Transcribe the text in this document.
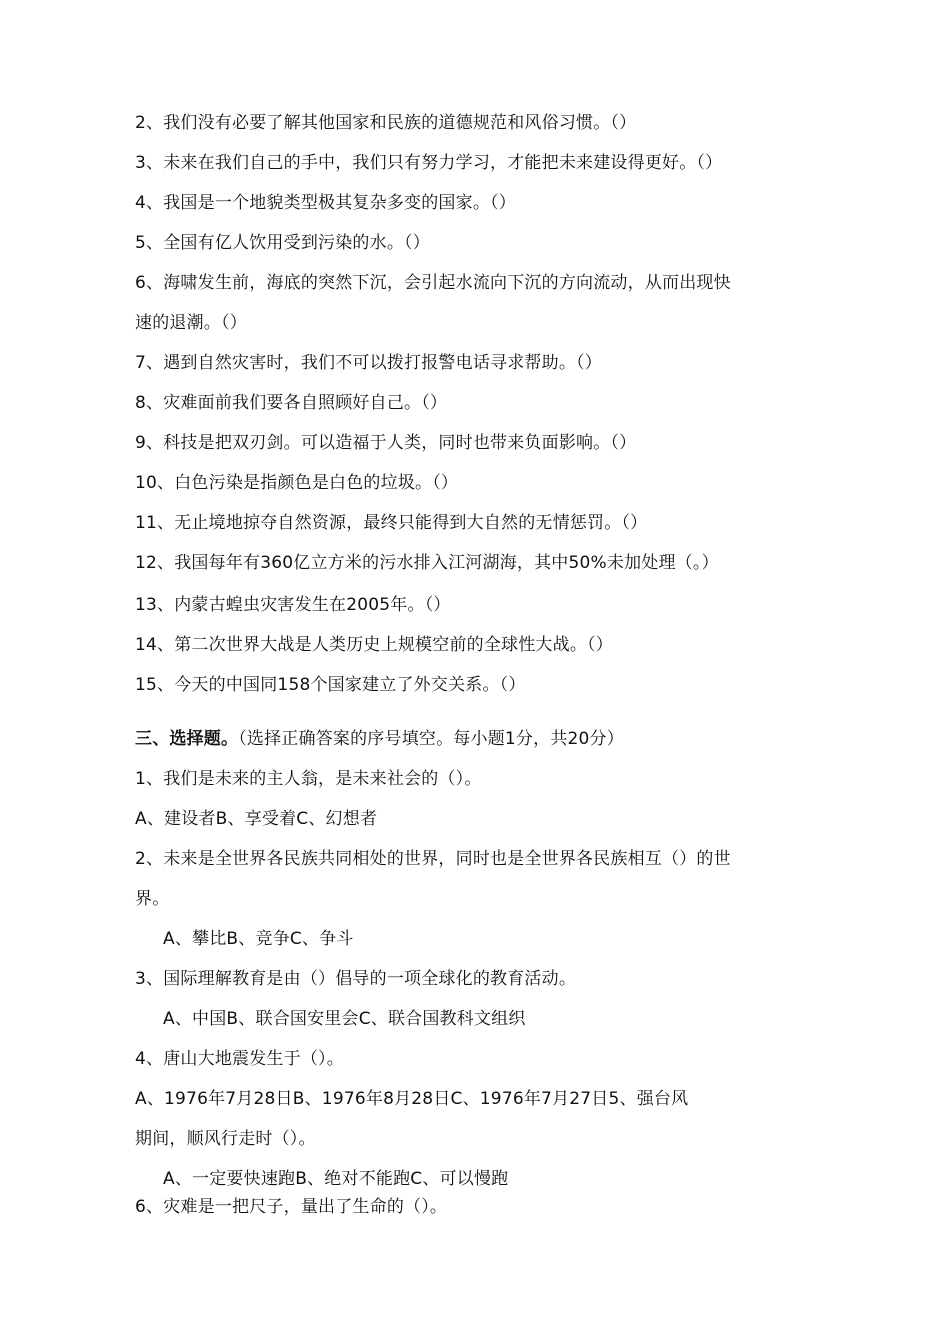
2、我们没有必要了解其他国家和民族的道德规范和风俗习惯。（）
3、未来在我们自己的手中，我们只有努力学习，才能把未来建设得更好。（）
4、我国是一个地貌类型极其复杂多变的国家。（）
5、全国有亿人饮用受到污染的水。（）
6、海啸发生前，海底的突然下沉，会引起水流向下沉的方向流动，从而出现快
速的退潮。（）
7、遇到自然灾害时，我们不可以拨打报警电话寻求帮助。（）
8、灾难面前我们要各自照顾好自己。（）
9、科技是把双刃剑。可以造福于人类，同时也带来负面影响。（）
10、白色污染是指颜色是白色的垃圾。（）
11、无止境地掠夺自然资源，最终只能得到大自然的无情惩罚。（）
12、我国每年有360亿立方米的污水排入江河湖海，其中50%未加处理（。）
13、内蒙古蝗虫灾害发生在2005年。（）
14、第二次世界大战是人类历史上规模空前的全球性大战。（）
15、今天的中国同158个国家建立了外交关系。（）
三、选择题。（选择正确答案的序号填空。每小题1分，共20分）
1、我们是未来的主人翁，是未来社会的（）。
A、建设者B、享受着C、幻想者
2、未来是全世界各民族共同相处的世界，同时也是全世界各民族相互（）的世
界。
A、攀比B、竞争C、争斗
3、国际理解教育是由（）倡导的一项全球化的教育活动。
A、中国B、联合国安里会C、联合国教科文组织
4、唐山大地震发生于（）。
A、1976年7月28日B、1976年8月28日C、1976年7月27日5、强台风
期间，顺风行走时（）。
A、一定要快速跑B、绝对不能跑C、可以慢跑
6、灾难是一把尺子，量出了生命的（）。
